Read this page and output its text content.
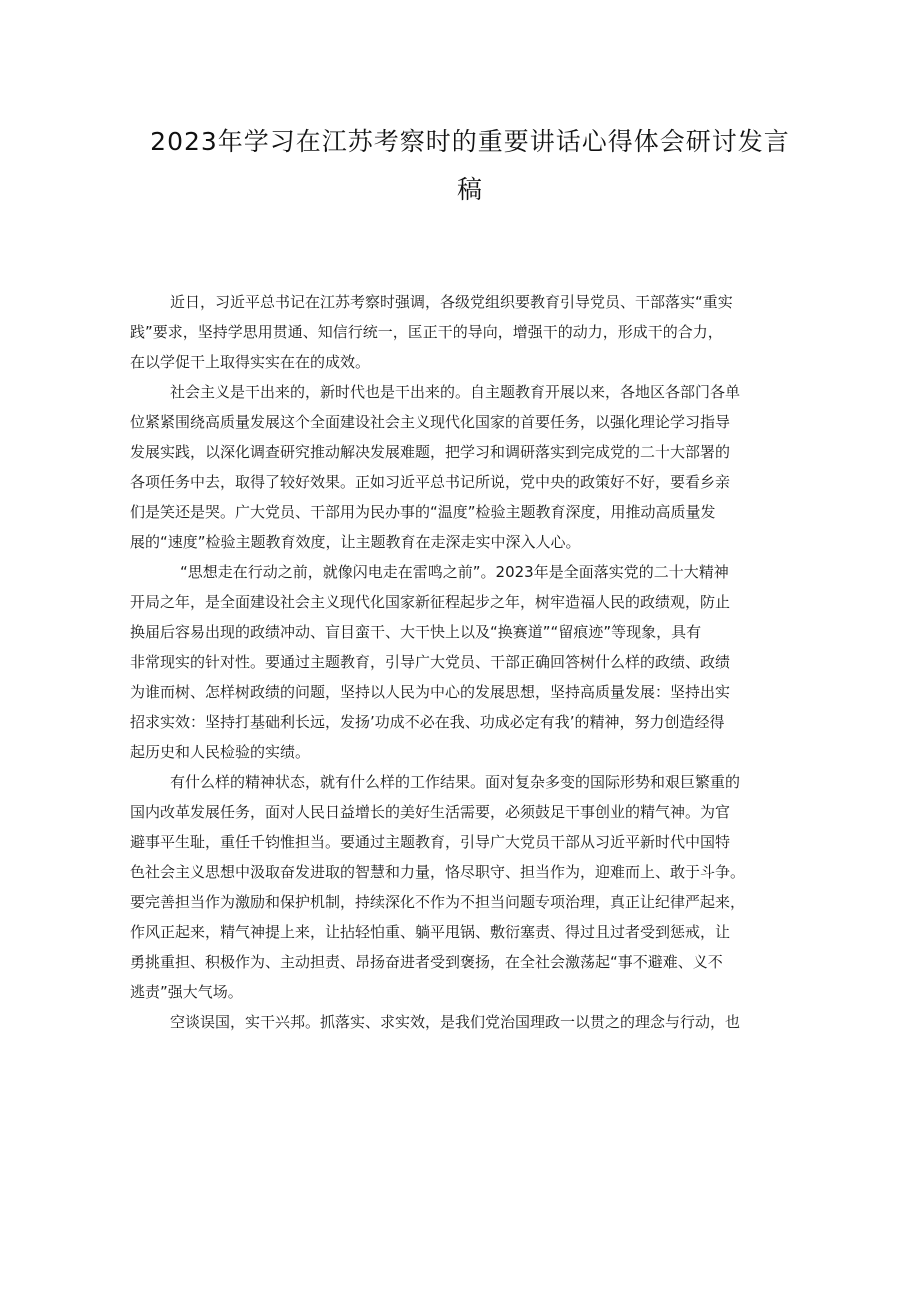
2023年学习在江苏考察时的重要讲话心得体会研讨发言
稿

近日，习近平总书记在江苏考察时强调，各级党组织要教育引导党员、干部落实“重实
践”要求，坚持学思用贯通、知信行统一，匡正干的导向，增强干的动力，形成干的合力，
在以学促干上取得实实在在的成效。

社会主义是干出来的，新时代也是干出来的。自主题教育开展以来，各地区各部门各单
位紧紧围绕高质量发展这个全面建设社会主义现代化国家的首要任务，以强化理论学习指导
发展实践，以深化调查研究推动解决发展难题，把学习和调研落实到完成党的二十大部署的
各项任务中去，取得了较好效果。正如习近平总书记所说，党中央的政策好不好，要看乡亲
们是笑还是哭。广大党员、干部用为民办事的“温度”检验主题教育深度，用推动高质量发
展的“速度”检验主题教育效度，让主题教育在走深走实中深入人心。

“思想走在行动之前，就像闪电走在雷鸣之前”。2023年是全面落实党的二十大精神
开局之年，是全面建设社会主义现代化国家新征程起步之年，树牢造福人民的政绩观，防止
换届后容易出现的政绩冲动、盲目蛮干、大干快上以及“换赛道”“留痕迹”等现象，具有
非常现实的针对性。要通过主题教育，引导广大党员、干部正确回答树什么样的政绩、政绩
为谁而树、怎样树政绩的问题，坚持以人民为中心的发展思想，坚持高质量发展：坚持出实
招求实效：坚持打基础利长远，发扬’功成不必在我、功成必定有我’的精神，努力创造经得
起历史和人民检验的实绩。

有什么样的精神状态，就有什么样的工作结果。面对复杂多变的国际形势和艰巨繁重的
国内改革发展任务，面对人民日益增长的美好生活需要，必须鼓足干事创业的精气神。为官
避事平生耻，重任千钧惟担当。要通过主题教育，引导广大党员干部从习近平新时代中国特
色社会主义思想中汲取奋发进取的智慧和力量，恪尽职守、担当作为，迎难而上、敢于斗争。
要完善担当作为激励和保护机制，持续深化不作为不担当问题专项治理，真正让纪律严起来，
作风正起来，精气神提上来，让拈轻怕重、躺平甩锅、敷衍塞责、得过且过者受到惩戒，让
勇挑重担、积极作为、主动担责、昂扬奋进者受到褒扬，在全社会激荡起“事不避难、义不
逃责”强大气场。

空谈误国，实干兴邦。抓落实、求实效，是我们党治国理政一以贯之的理念与行动，也
